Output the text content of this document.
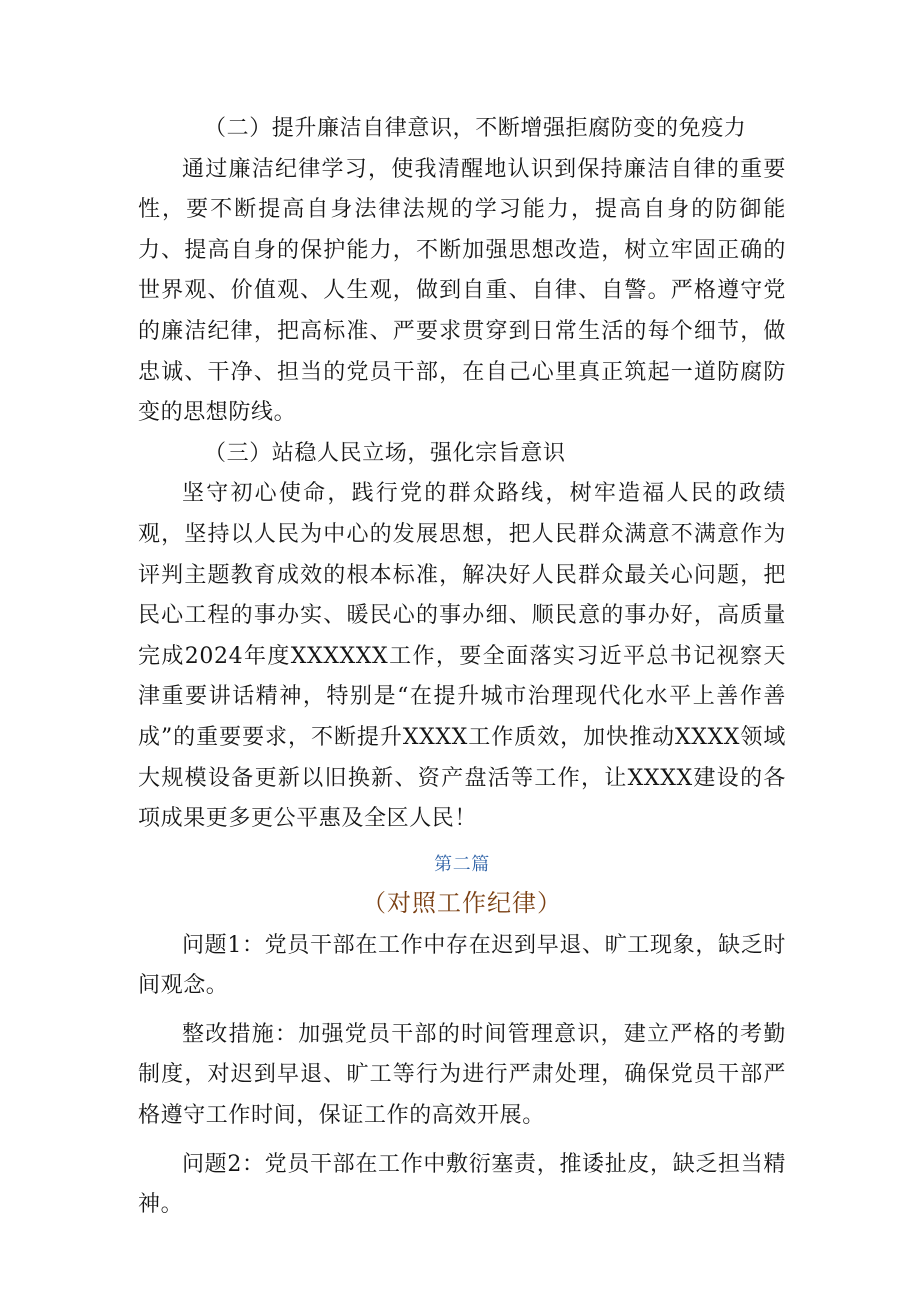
（二）提升廉洁自律意识，不断增强拒腐防变的免疫力

通过廉洁纪律学习，使我清醒地认识到保持廉洁自律的重要性，要不断提高自身法律法规的学习能力，提高自身的防御能力、提高自身的保护能力，不断加强思想改造，树立牢固正确的世界观、价值观、人生观，做到自重、自律、自警。严格遵守党的廉洁纪律，把高标准、严要求贯穿到日常生活的每个细节，做忠诚、干净、担当的党员干部，在自己心里真正筑起一道防腐防变的思想防线。

（三）站稳人民立场，强化宗旨意识

坚守初心使命，践行党的群众路线，树牢造福人民的政绩观，坚持以人民为中心的发展思想，把人民群众满意不满意作为评判主题教育成效的根本标准，解决好人民群众最关心问题，把民心工程的事办实、暖民心的事办细、顺民意的事办好，高质量完成2024年度XXXXXX工作，要全面落实习近平总书记视察天津重要讲话精神，特别是“在提升城市治理现代化水平上善作善成”的重要要求，不断提升XXXX工作质效，加快推动XXXX领域大规模设备更新以旧换新、资产盘活等工作，让XXXX建设的各项成果更多更公平惠及全区人民！

第二篇

（对照工作纪律）

问题1：党员干部在工作中存在迟到早退、旷工现象，缺乏时间观念。

整改措施：加强党员干部的时间管理意识，建立严格的考勤制度，对迟到早退、旷工等行为进行严肃处理，确保党员干部严格遵守工作时间，保证工作的高效开展。

问题2：党员干部在工作中敷衍塞责，推诿扯皮，缺乏担当精神。
